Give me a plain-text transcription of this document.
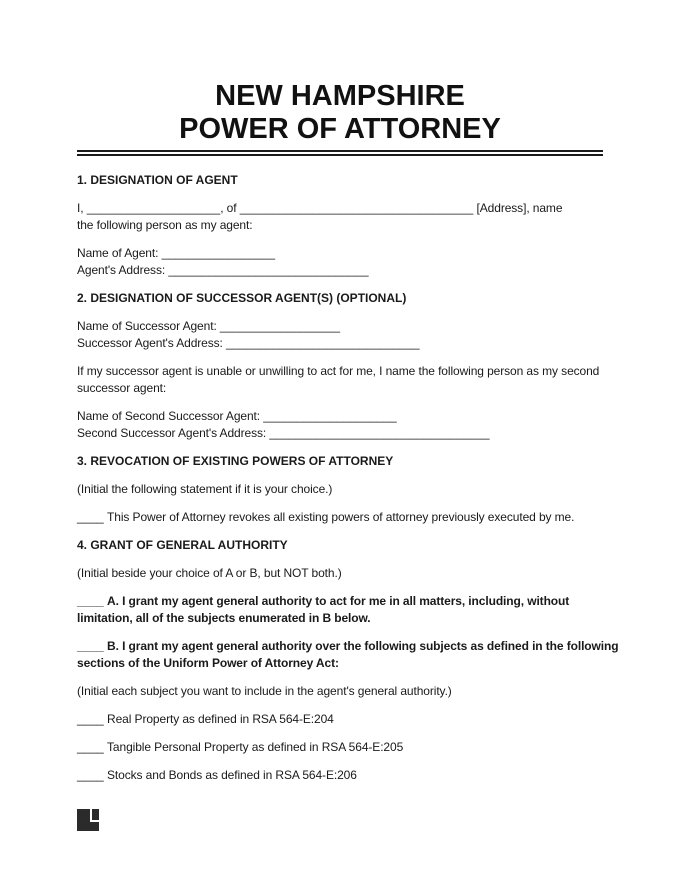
NEW HAMPSHIRE
POWER OF ATTORNEY
1. DESIGNATION OF AGENT
I, ____________________, of ___________________________________ [Address], name
the following person as my agent:
Name of Agent: _________________
Agent's Address: ______________________________
2. DESIGNATION OF SUCCESSOR AGENT(S) (OPTIONAL)
Name of Successor Agent: __________________
Successor Agent's Address: _____________________________
If my successor agent is unable or unwilling to act for me, I name the following person as my second
successor agent:
Name of Second Successor Agent: ____________________
Second Successor Agent's Address: _________________________________
3. REVOCATION OF EXISTING POWERS OF ATTORNEY
(Initial the following statement if it is your choice.)
____ This Power of Attorney revokes all existing powers of attorney previously executed by me.
4. GRANT OF GENERAL AUTHORITY
(Initial beside your choice of A or B, but NOT both.)
____ A. I grant my agent general authority to act for me in all matters, including, without
limitation, all of the subjects enumerated in B below.
____ B. I grant my agent general authority over the following subjects as defined in the following
sections of the Uniform Power of Attorney Act:
(Initial each subject you want to include in the agent's general authority.)
____ Real Property as defined in RSA 564-E:204
____ Tangible Personal Property as defined in RSA 564-E:205
____ Stocks and Bonds as defined in RSA 564-E:206
